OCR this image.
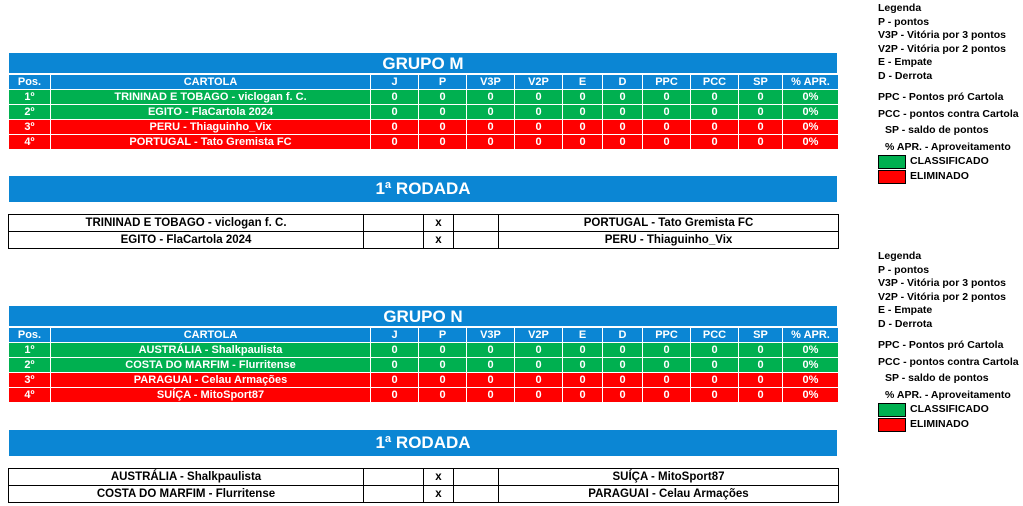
GRUPO M
Pos.	CARTOLA	J	P	V3P	V2P	E	D	PPC	PCC	SP	% APR.
1º	TRININAD E TOBAGO - viclogan f. C.	0	0	0	0	0	0	0	0	0	0%
2º	EGITO - FlaCartola 2024	0	0	0	0	0	0	0	0	0	0%
3º	PERU - Thiaguinho_Vix	0	0	0	0	0	0	0	0	0	0%
4º	PORTUGAL - Tato Gremista FC	0	0	0	0	0	0	0	0	0	0%
1ª RODADA
TRININAD E TOBAGO - viclogan f. C.		x		PORTUGAL - Tato Gremista FC
EGITO - FlaCartola 2024		x		PERU - Thiaguinho_Vix
GRUPO N
Pos.	CARTOLA	J	P	V3P	V2P	E	D	PPC	PCC	SP	% APR.
1º	AUSTRÁLIA - Shalkpaulista	0	0	0	0	0	0	0	0	0	0%
2º	COSTA DO MARFIM - Flurritense	0	0	0	0	0	0	0	0	0	0%
3º	PARAGUAI - Celau Armações	0	0	0	0	0	0	0	0	0	0%
4º	SUÍÇA - MitoSport87	0	0	0	0	0	0	0	0	0	0%
1ª RODADA
AUSTRÁLIA - Shalkpaulista		x		SUÍÇA - MitoSport87
COSTA DO MARFIM - Flurritense		x		PARAGUAI - Celau Armações
Legenda
P - pontos
V3P - Vitória por 3 pontos
V2P - Vitória por 2 pontos
E - Empate
D - Derrota
PPC - Pontos pró Cartola
PCC - pontos contra Cartola
SP - saldo de pontos
% APR. - Aproveitamento
CLASSIFICADO
ELIMINADO
Legenda
P - pontos
V3P - Vitória por 3 pontos
V2P - Vitória por 2 pontos
E - Empate
D - Derrota
PPC - Pontos pró Cartola
PCC - pontos contra Cartola
SP - saldo de pontos
% APR. - Aproveitamento
CLASSIFICADO
ELIMINADO
